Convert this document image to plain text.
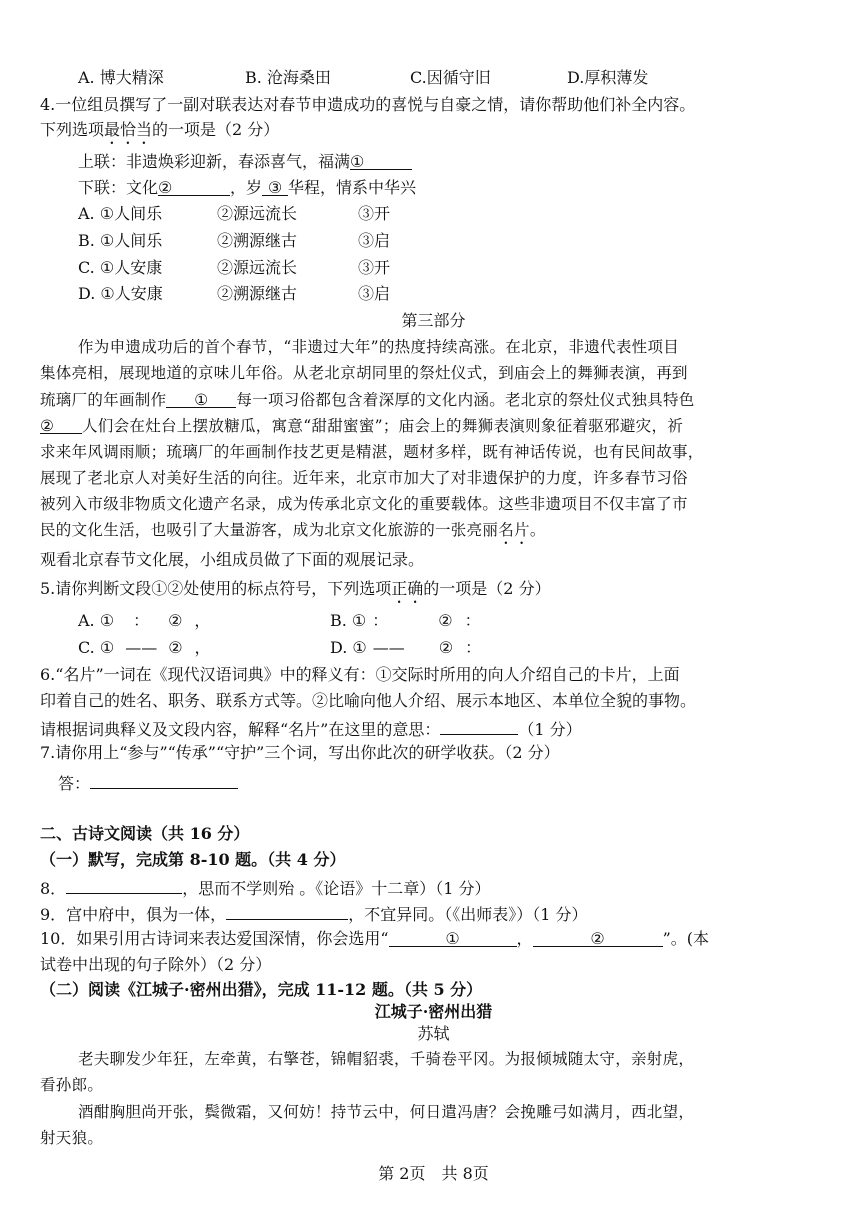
A. 博大精深	B. 沧海桑田	C.因循守旧	D.厚积薄发
4.一位组员撰写了一副对联表达对春节申遗成功的喜悦与自豪之情，请你帮助他们补全内容。
下列选项最恰当的一项是（2 分）
上联：非遗焕彩迎新，春添喜气，福满①
下联：文化②	，岁 ③ 华程，情系中华兴
A. ①人间乐	②源远流长	③开
B. ①人间乐	②溯源继古	③启
C. ①人安康	②源远流长	③开
D. ①人安康	②溯源继古	③启
第三部分
作为申遗成功后的首个春节，“非遗过大年”的热度持续高涨。在北京，非遗代表性项目
集体亮相，展现地道的京味儿年俗。从老北京胡同里的祭灶仪式，到庙会上的舞狮表演，再到
琉璃厂的年画制作 ① 每一项习俗都包含着深厚的文化内涵。老北京的祭灶仪式独具特色
② 人们会在灶台上摆放糖瓜，寓意“甜甜蜜蜜”；庙会上的舞狮表演则象征着驱邪避灾，祈
求来年风调雨顺；琉璃厂的年画制作技艺更是精湛，题材多样，既有神话传说，也有民间故事，
展现了老北京人对美好生活的向往。近年来，北京市加大了对非遗保护的力度，许多春节习俗
被列入市级非物质文化遗产名录，成为传承北京文化的重要载体。这些非遗项目不仅丰富了市
民的文化生活，也吸引了大量游客，成为北京文化旅游的一张亮丽名片。
观看北京春节文化展，小组成员做了下面的观展记录。
5.请你判断文段①②处使用的标点符号，下列选项正确的一项是（2 分）
A. ① ： ② ，	B. ① ：	② ：
C. ① —— ② ，	D. ① —— ② ：
6.“名片”一词在《现代汉语词典》中的释义有：①交际时所用的向人介绍自己的卡片，上面
印着自己的姓名、职务、联系方式等。②比喻向他人介绍、展示本地区、本单位全貌的事物。
请根据词典释义及文段内容，解释“名片”在这里的意思：	（1 分）
7.请你用上“参与”“传承”“守护”三个词，写出你此次的研学收获。（2 分）
答：
二、古诗文阅读（共 16 分）
（一）默写，完成第 8-10 题。（共 4 分）
8．	，思而不学则殆 。《论语》十二章）（1 分）
9．宫中府中，俱为一体，	，不宜异同。（《出师表》）（1 分）
10．如果引用古诗词来表达爱国深情，你会选用“	①	，	②	”。(本
试卷中出现的句子除外）（2 分）
（二）阅读《江城子·密州出猎》，完成 11-12 题。（共 5 分）
江城子·密州出猎
苏轼
老夫聊发少年狂，左牵黄，右擎苍，锦帽貂裘，千骑卷平冈。为报倾城随太守，亲射虎，
看孙郎。
酒酣胸胆尚开张，鬓微霜，又何妨！持节云中，何日遣冯唐？会挽雕弓如满月，西北望，
射天狼。
第 2页　共 8页
